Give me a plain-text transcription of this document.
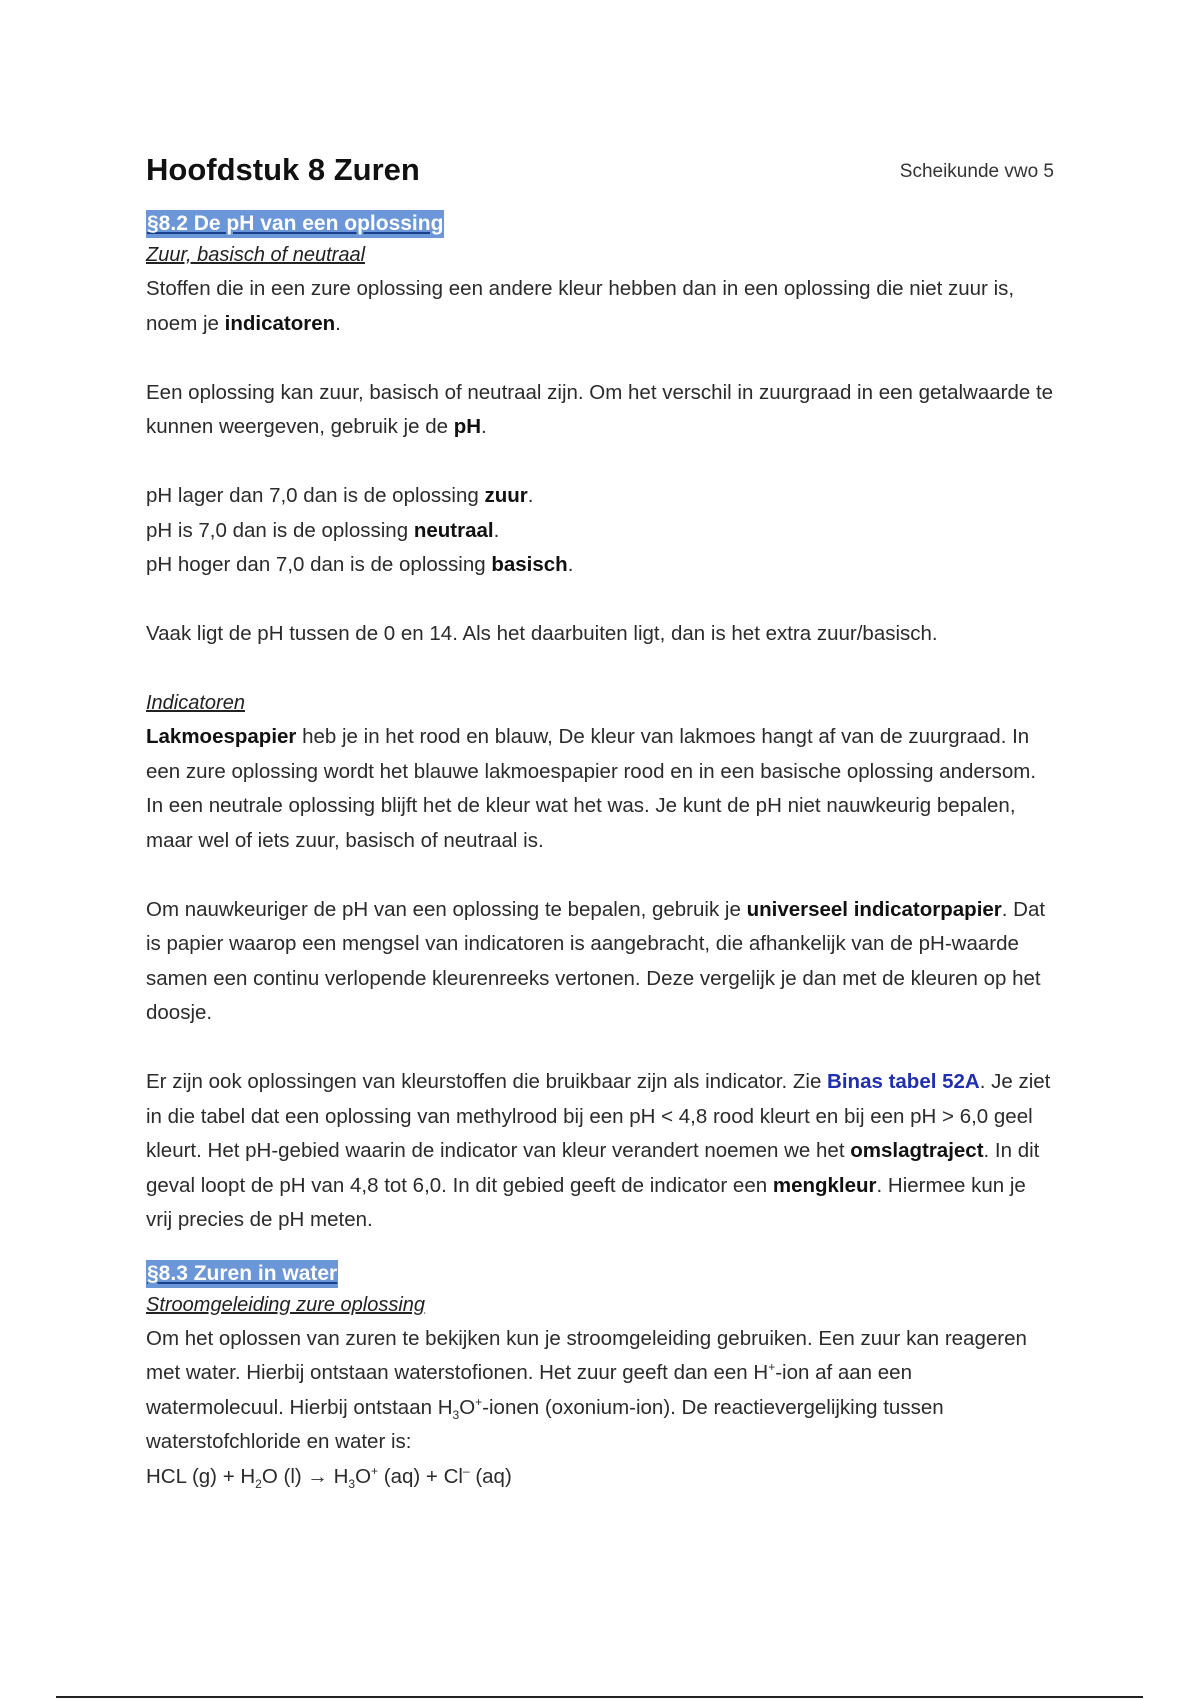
Hoofdstuk 8 Zuren	Scheikunde vwo 5
§8.2 De pH van een oplossing
Zuur, basisch of neutraal

Stoffen die in een zure oplossing een andere kleur hebben dan in een oplossing die niet zuur is, noem je indicatoren.

Een oplossing kan zuur, basisch of neutraal zijn. Om het verschil in zuurgraad in een getalwaarde te kunnen weergeven, gebruik je de pH.

pH lager dan 7,0 dan is de oplossing zuur.

pH is 7,0 dan is de oplossing neutraal.

pH hoger dan 7,0 dan is de oplossing basisch.

Vaak ligt de pH tussen de 0 en 14. Als het daarbuiten ligt, dan is het extra zuur/basisch.

Indicatoren

Lakmoespapier heb je in het rood en blauw, De kleur van lakmoes hangt af van de zuurgraad. In een zure oplossing wordt het blauwe lakmoespapier rood en in een basische oplossing andersom. In een neutrale oplossing blijft het de kleur wat het was. Je kunt de pH niet nauwkeurig bepalen, maar wel of iets zuur, basisch of neutraal is.

Om nauwkeuriger de pH van een oplossing te bepalen, gebruik je universeel indicatorpapier. Dat is papier waarop een mengsel van indicatoren is aangebracht, die afhankelijk van de pH-waarde samen een continu verlopende kleurenreeks vertonen. Deze vergelijk je dan met de kleuren op het doosje.

Er zijn ook oplossingen van kleurstoffen die bruikbaar zijn als indicator. Zie Binas tabel 52A. Je ziet in die tabel dat een oplossing van methylrood bij een pH < 4,8 rood kleurt en bij een pH > 6,0 geel kleurt. Het pH-gebied waarin de indicator van kleur verandert noemen we het omslagtraject. In dit geval loopt de pH van 4,8 tot 6,0. In dit gebied geeft de indicator een mengkleur. Hiermee kun je vrij precies de pH meten.

§8.3 Zuren in water
Stroomgeleiding zure oplossing

Om het oplossen van zuren te bekijken kun je stroomgeleiding gebruiken. Een zuur kan reageren met water. Hierbij ontstaan waterstofionen. Het zuur geeft dan een H+-ion af aan een watermolecuul. Hierbij ontstaan $H_3O^+$-ionen (oxonium-ion). De reactievergelijking tussen waterstofchloride en water is:

HCL $(g) + H_2O$ $(l) \to H_3O^+$ (aq) + Cl– (aq)
